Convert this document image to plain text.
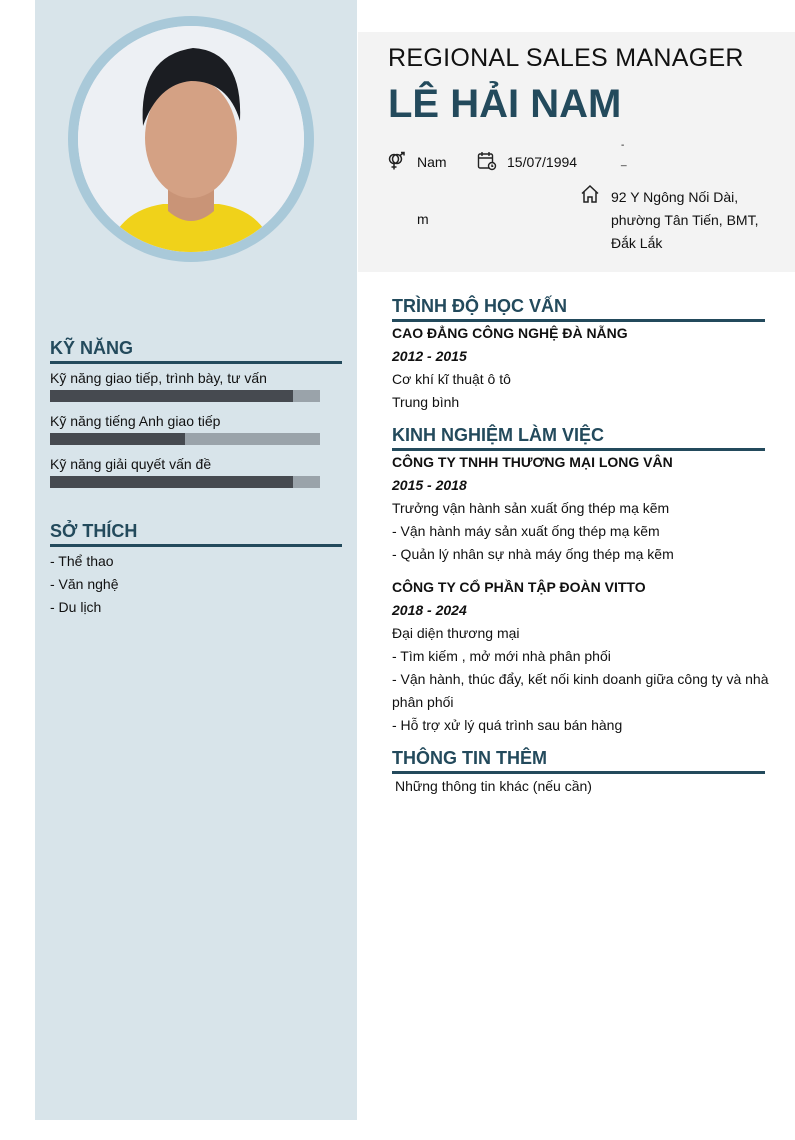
REGIONAL SALES MANAGER
LÊ HẢI NAM
Nam	15/07/1994
-
_
m
92 Y Ngông Nối Dài,
phường Tân Tiến, BMT,
Đắk Lắk
KỸ NĂNG
Kỹ năng giao tiếp, trình bày, tư vấn
Kỹ năng tiếng Anh giao tiếp
Kỹ năng giải quyết vấn đề
SỞ THÍCH
- Thể thao
- Văn nghệ
- Du lịch
TRÌNH ĐỘ HỌC VẤN
CAO ĐẲNG CÔNG NGHỆ ĐÀ NẴNG
2012 - 2015
Cơ khí kĩ thuật ô tô
Trung bình
KINH NGHIỆM LÀM VIỆC
CÔNG TY TNHH THƯƠNG MẠI LONG VÂN
2015 - 2018
Trưởng vận hành sản xuất ống thép mạ kẽm
- Vận hành máy sản xuất ống thép mạ kẽm
- Quản lý nhân sự nhà máy ống thép mạ kẽm
CÔNG TY CỔ PHẦN TẬP ĐOÀN VITTO
2018 - 2024
Đại diện thương mại
- Tìm kiếm , mở mới nhà phân phối
- Vận hành, thúc đẩy, kết nối kinh doanh giữa công ty và nhà
phân phối
- Hỗ trợ xử lý quá trình sau bán hàng
THÔNG TIN THÊM
Những thông tin khác (nếu cần)
